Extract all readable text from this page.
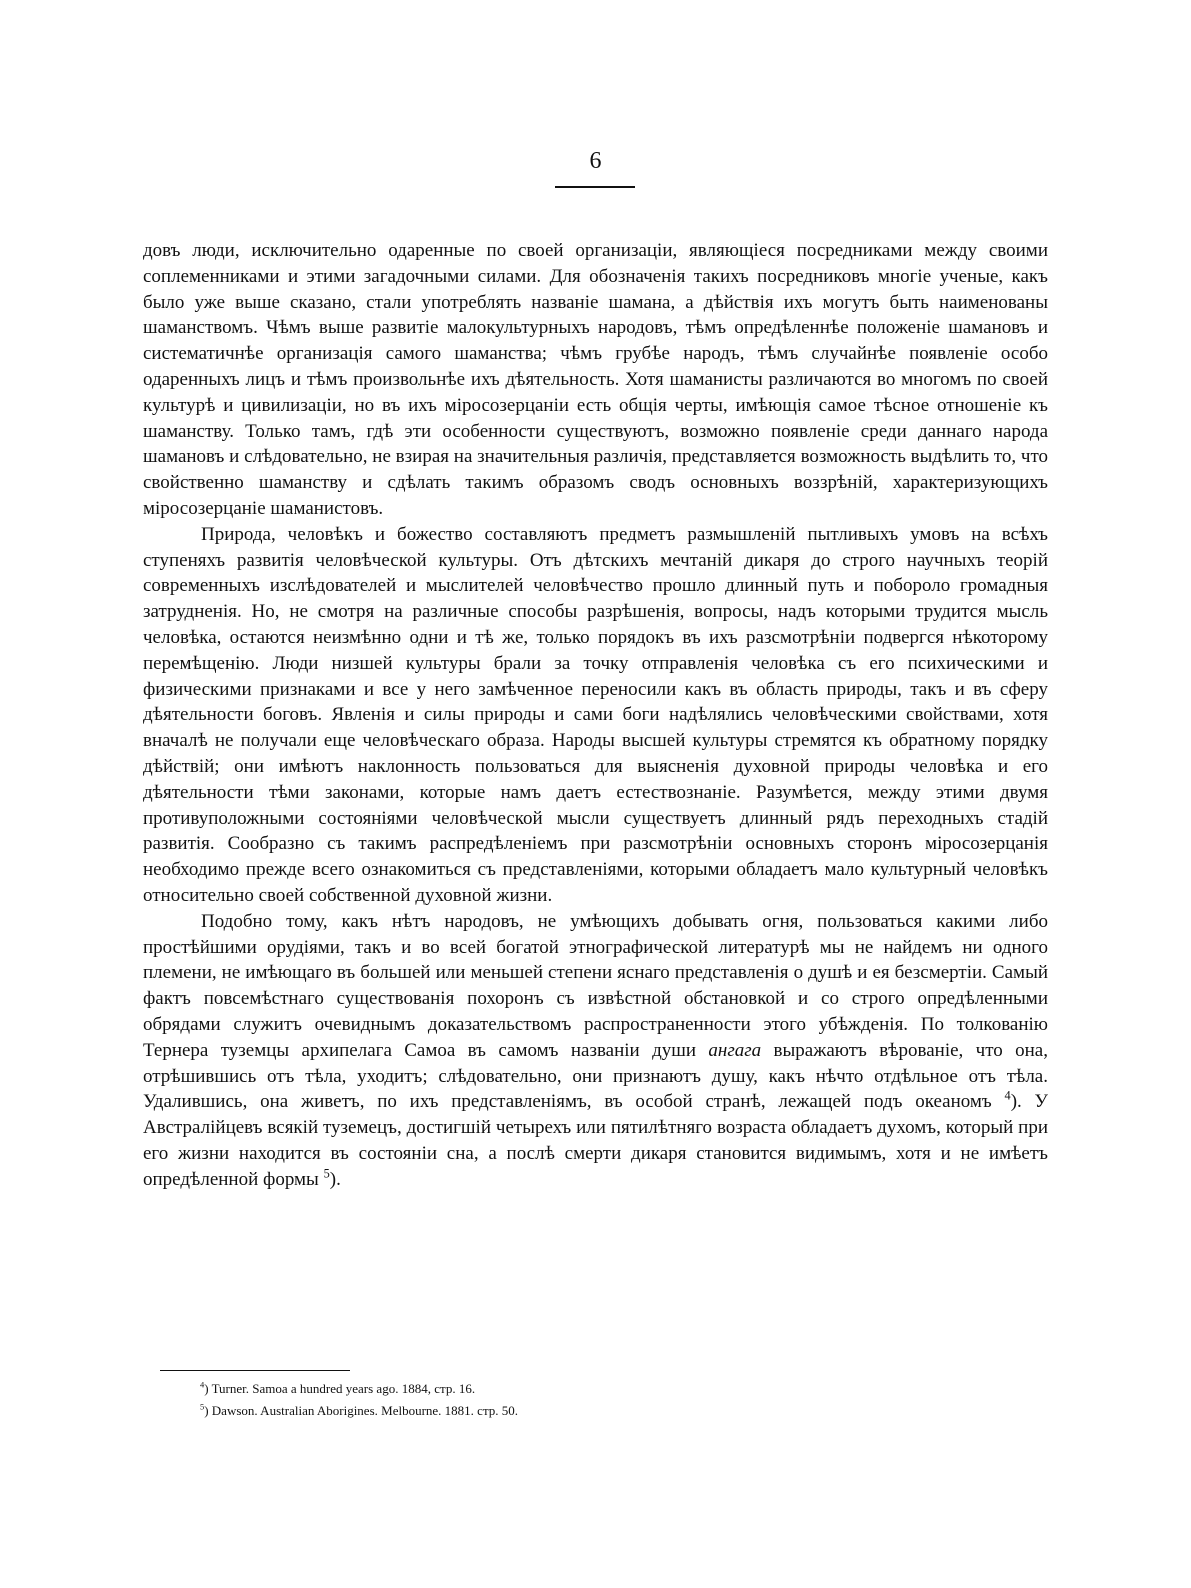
6

довъ люди, исключительно одаренные по своей организаціи, являющіеся посредниками между своими соплеменниками и этими загадочными силами. Для обозначенія такихъ посредниковъ многіе ученые, какъ было уже выше сказано, стали употреблять названіе шамана, а дѣйствія ихъ могутъ быть наименованы шаманствомъ. Чѣмъ выше развитіе малокультурныхъ народовъ, тѣмъ опредѣленнѣе положеніе шамановъ и систематичнѣе организація самого шаманства; чѣмъ грубѣе народъ, тѣмъ случайнѣе появленіе особо одаренныхъ лицъ и тѣмъ произвольнѣе ихъ дѣятельность. Хотя шаманисты различаются во многомъ по своей культурѣ и цивилизаціи, но въ ихъ міросозерцаніи есть общія черты, имѣющія самое тѣсное отношеніе къ шаманству. Только тамъ, гдѣ эти особенности существуютъ, возможно появленіе среди даннаго народа шамановъ и слѣдовательно, не взирая на значительныя различія, представляется возможность выдѣлить то, что свойственно шаманству и сдѣлать такимъ образомъ сводъ основныхъ воззрѣній, характеризующихъ міросозерцаніе шаманистовъ.

Природа, человѣкъ и божество составляютъ предметъ размышленій пытливыхъ умовъ на всѣхъ ступеняхъ развитія человѣческой культуры. Отъ дѣтскихъ мечтаній дикаря до строго научныхъ теорій современныхъ изслѣдователей и мыслителей человѣчество прошло длинный путь и побороло громадныя затрудненія. Но, не смотря на различные способы разрѣшенія, вопросы, надъ которыми трудится мысль человѣка, остаются неизмѣнно одни и тѣ же, только порядокъ въ ихъ разсмотрѣніи подвергся нѣкоторому перемѣщенію. Люди низшей культуры брали за точку отправленія человѣка съ его психическими и физическими признаками и все у него замѣченное переносили какъ въ область природы, такъ и въ сферу дѣятельности боговъ. Явленія и силы природы и сами боги надѣлялись человѣческими свойствами, хотя вначалѣ не получали еще человѣческаго образа. Народы высшей культуры стремятся къ обратному порядку дѣйствій; они имѣютъ наклонность пользоваться для выясненія духовной природы человѣка и его дѣятельности тѣми законами, которые намъ даетъ естествознаніе. Разумѣется, между этими двумя противуположными состояніями человѣческой мысли существуетъ длинный рядъ переходныхъ стадій развитія. Сообразно съ такимъ распредѣленіемъ при разсмотрѣніи основныхъ сторонъ міросозерцанія необходимо прежде всего ознакомиться съ представленіями, которыми обладаетъ мало культурный человѣкъ относительно своей собственной духовной жизни.

Подобно тому, какъ нѣтъ народовъ, не умѣющихъ добывать огня, пользоваться какими либо простѣйшими орудіями, такъ и во всей богатой этнографической литературѣ мы не найдемъ ни одного племени, не имѣющаго въ большей или меньшей степени яснаго представленія о душѣ и ея безсмертіи. Самый фактъ повсемѣстнаго существованія похоронъ съ извѣстной обстановкой и со строго опредѣленными обрядами служитъ очевиднымъ доказательствомъ распространенности этого убѣжденія. По толкованію Тернера туземцы архипелага Самоа въ самомъ названіи души ангага выражаютъ вѣрованіе, что она, отрѣшившись отъ тѣла, уходитъ; слѣдовательно, они признаютъ душу, какъ нѣчто отдѣльное отъ тѣла. Удалившись, она живетъ, по ихъ представленіямъ, въ особой странѣ, лежащей подъ океаномъ $^4$). У Австралійцевъ всякій туземецъ, достигшій четырехъ или пятилѣтняго возраста обладаетъ духомъ, который при его жизни находится въ состояніи сна, а послѣ смерти дикаря становится видимымъ, хотя и не имѣетъ опредѣленной формы $^5$).

$^4$) Turner. Samoa a hundred years ago. 1884, стр. 16.
$^5$) Dawson. Australian Aborigines. Melbourne. 1881. стр. 50.
